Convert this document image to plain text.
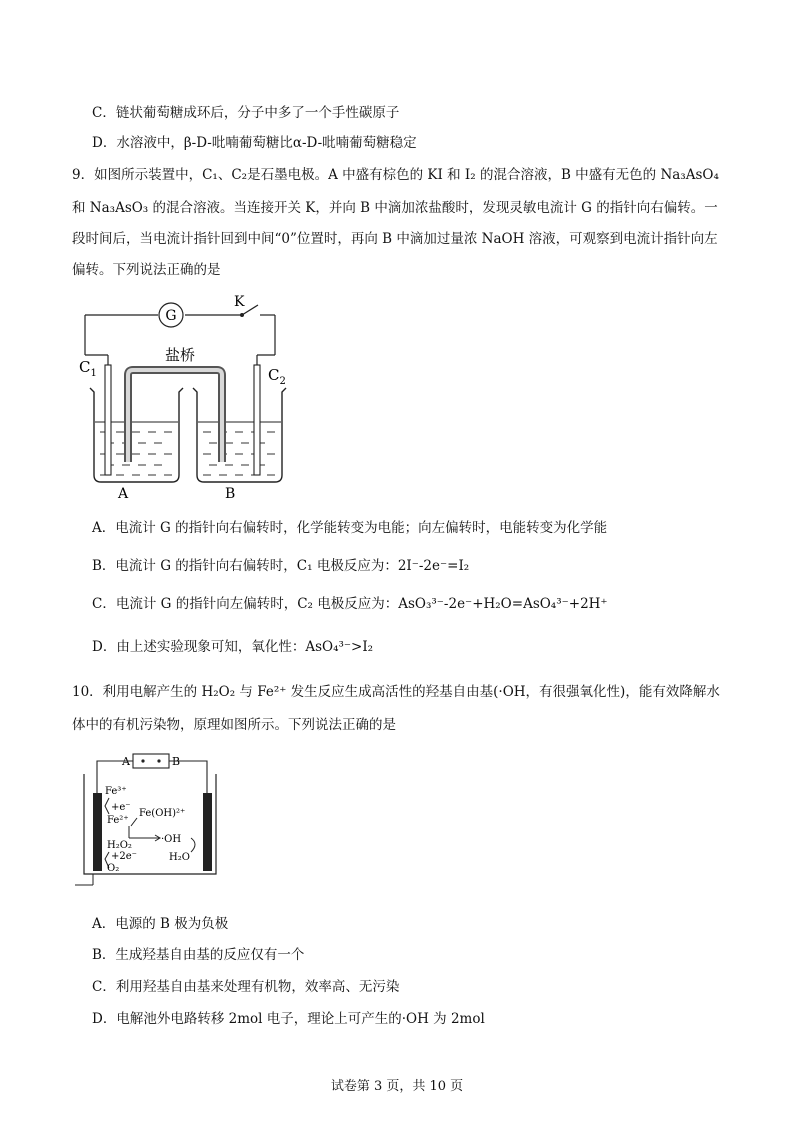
C．链状葡萄糖成环后，分子中多了一个手性碳原子
D．水溶液中，β-D-吡喃葡萄糖比α-D-吡喃葡萄糖稳定
9．如图所示装置中，C₁、C₂是石墨电极。A 中盛有棕色的 KI 和 I₂ 的混合溶液，B 中盛有无色的 Na₃AsO₄
和 Na₃AsO₃ 的混合溶液。当连接开关 K，并向 B 中滴加浓盐酸时，发现灵敏电流计 G 的指针向右偏转。一
段时间后，当电流计指针回到中间“0”位置时，再向 B 中滴加过量浓 NaOH 溶液，可观察到电流计指针向左
偏转。下列说法正确的是
G
K
盐桥
$C_1$	$C_2$
A	B
A．电流计 G 的指针向右偏转时，化学能转变为电能；向左偏转时，电能转变为化学能
B．电流计 G 的指针向右偏转时，C₁ 电极反应为：2I⁻-2e⁻=I₂
C．电流计 G 的指针向左偏转时，C₂ 电极反应为：AsO₃³⁻-2e⁻+H₂O=AsO₄³⁻+2H⁺
D．由上述实验现象可知，氧化性：AsO₄³⁻>I₂
10．利用电解产生的 H₂O₂ 与 Fe²⁺ 发生反应生成高活性的羟基自由基(·OH，有很强氧化性)，能有效降解水
体中的有机污染物，原理如图所示。下列说法正确的是
A	B
Fe³⁺
+e⁻
Fe²⁺
Fe(OH)²⁺
·OH
H₂O₂
+2e⁻
O₂
H₂O
A．电源的 B 极为负极
B．生成羟基自由基的反应仅有一个
C．利用羟基自由基来处理有机物，效率高、无污染
D．电解池外电路转移 2mol 电子，理论上可产生的·OH 为 2mol
试卷第 3 页，共 10 页
